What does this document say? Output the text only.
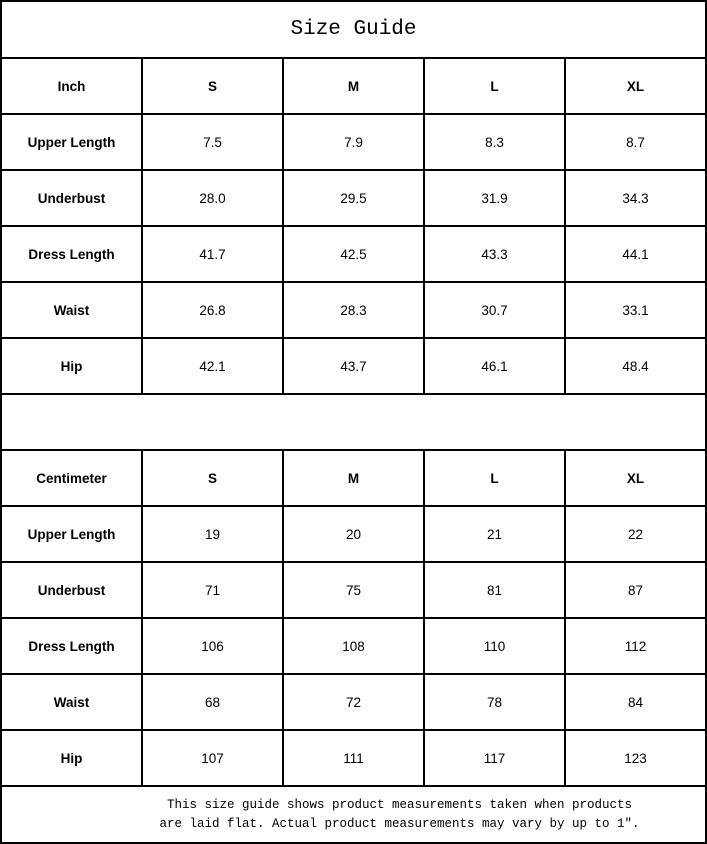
Size Guide				
Inch	S	M	L	XL
Upper Length	7.5	7.9	8.3	8.7
Underbust	28.0	29.5	31.9	34.3
Dress Length	41.7	42.5	43.3	44.1
Waist	26.8	28.3	30.7	33.1
Hip	42.1	43.7	46.1	48.4

Centimeter	S	M	L	XL
Upper Length	19	20	21	22
Underbust	71	75	81	87
Dress Length	106	108	110	112
Waist	68	72	78	84
Hip	107	111	117	123

This size guide shows product measurements taken when products
are laid flat. Actual product measurements may vary by up to 1″.				
